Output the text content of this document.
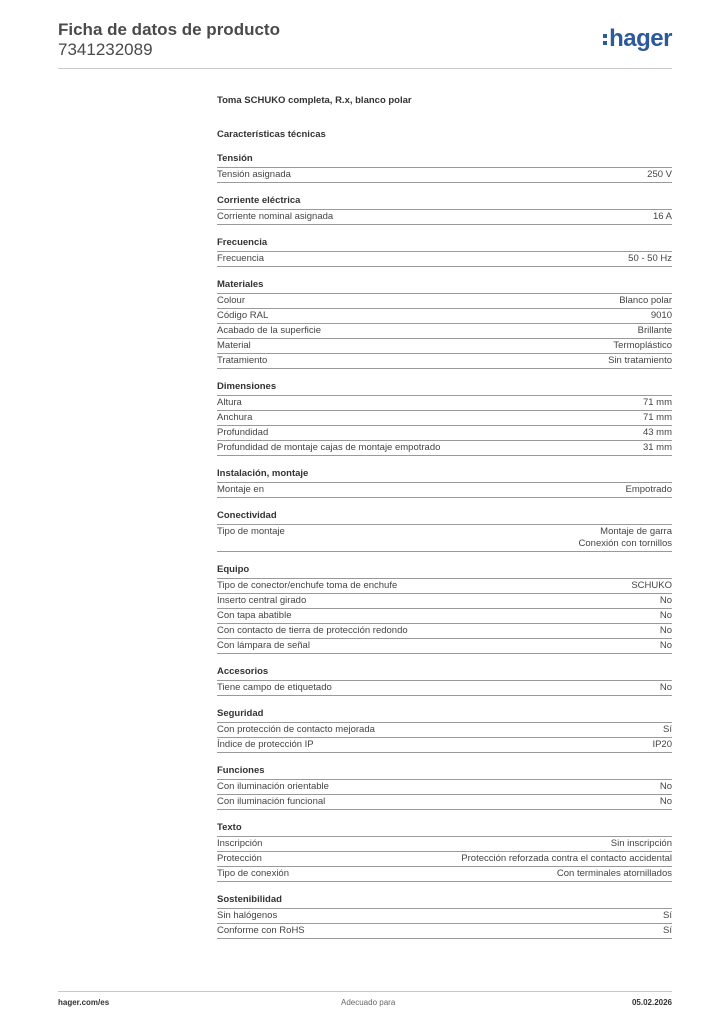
Ficha de datos de producto
7341232089	hager

Toma SCHUKO completa, R.x, blanco polar

Características técnicas
Tensión
Tensión asignada	250 V
Corriente eléctrica
Corriente nominal asignada	16 A
Frecuencia
Frecuencia	50 - 50 Hz
Materiales
Colour	Blanco polar
Código RAL	9010
Acabado de la superficie	Brillante
Material	Termoplástico
Tratamiento	Sin tratamiento
Dimensiones
Altura	71 mm
Anchura	71 mm
Profundidad	43 mm
Profundidad de montaje cajas de montaje empotrado	31 mm
Instalación, montaje
Montaje en	Empotrado
Conectividad
Tipo de montaje	Montaje de garra
Conexión con tornillos
Equipo
Tipo de conector/enchufe toma de enchufe	SCHUKO
Inserto central girado	No
Con tapa abatible	No
Con contacto de tierra de protección redondo	No
Con lámpara de señal	No
Accesorios
Tiene campo de etiquetado	No
Seguridad
Con protección de contacto mejorada	Sí
Índice de protección IP	IP20
Funciones
Con iluminación orientable	No
Con iluminación funcional	No
Texto
Inscripción	Sin inscripción
Protección	Protección reforzada contra el contacto accidental
Tipo de conexión	Con terminales atornillados
Sostenibilidad
Sin halógenos	Sí
Conforme con RoHS	Sí
hager.com/es	Adecuado para	05.02.2026
